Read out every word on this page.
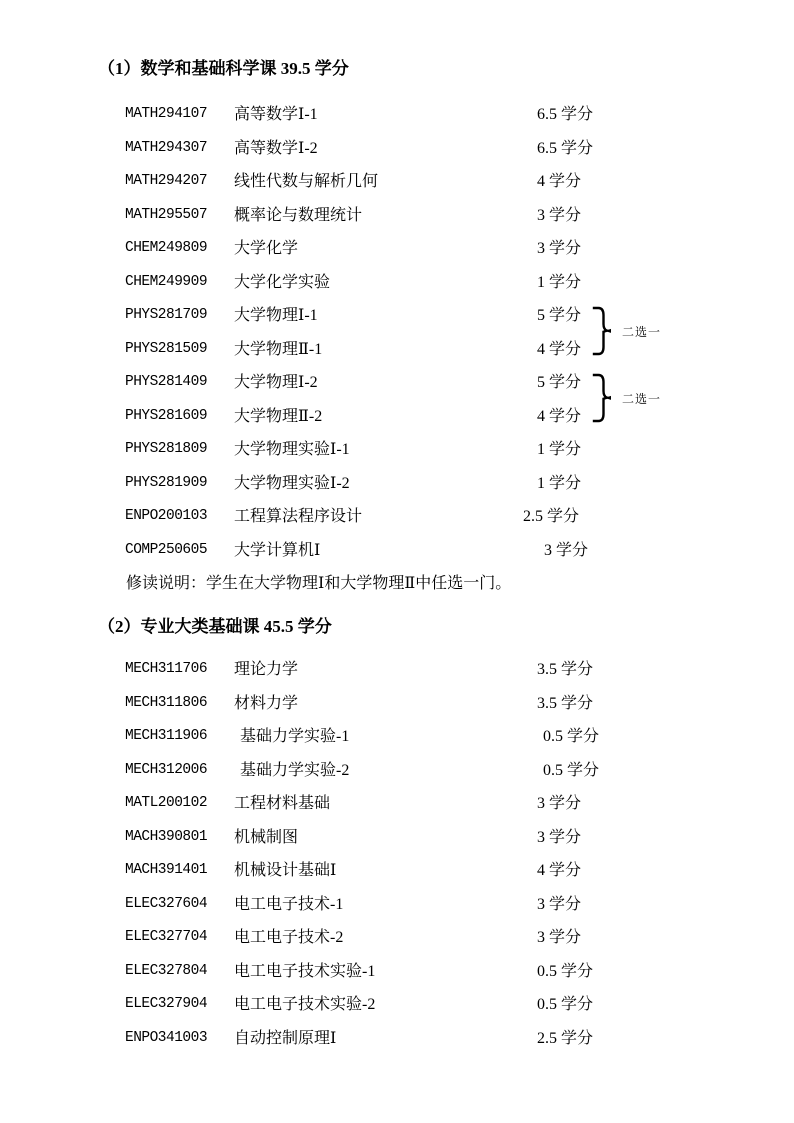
（1）数学和基础科学课 39.5 学分
MATH294107 高等数学Ⅰ-1	6.5 学分
MATH294307 高等数学Ⅰ-2	6.5 学分
MATH294207 线性代数与解析几何	4 学分
MATH295507 概率论与数理统计	3 学分
CHEM249809 大学化学	3 学分
CHEM249909 大学化学实验	1 学分
PHYS281709 大学物理Ⅰ-1	5 学分
PHYS281509 大学物理Ⅱ-1	4 学分
PHYS281409 大学物理Ⅰ-2	5 学分
PHYS281609 大学物理Ⅱ-2	4 学分
PHYS281809 大学物理实验Ⅰ-1	1 学分
PHYS281909 大学物理实验Ⅰ-2	1 学分
ENPO200103 工程算法程序设计	2.5 学分
COMP250605 大学计算机Ⅰ	3 学分
修读说明：学生在大学物理Ⅰ和大学物理Ⅱ中任选一门。
二选一
二选一
（2）专业大类基础课 45.5 学分
MECH311706 理论力学	3.5 学分
MECH311806 材料力学	3.5 学分
MECH311906 基础力学实验-1	0.5 学分
MECH312006 基础力学实验-2	0.5 学分
MATL200102 工程材料基础	3 学分
MACH390801 机械制图	3 学分
MACH391401 机械设计基础Ⅰ	4 学分
ELEC327604 电工电子技术-1	3 学分
ELEC327704 电工电子技术-2	3 学分
ELEC327804 电工电子技术实验-1	0.5 学分
ELEC327904 电工电子技术实验-2	0.5 学分
ENPO341003 自动控制原理Ⅰ	2.5 学分
